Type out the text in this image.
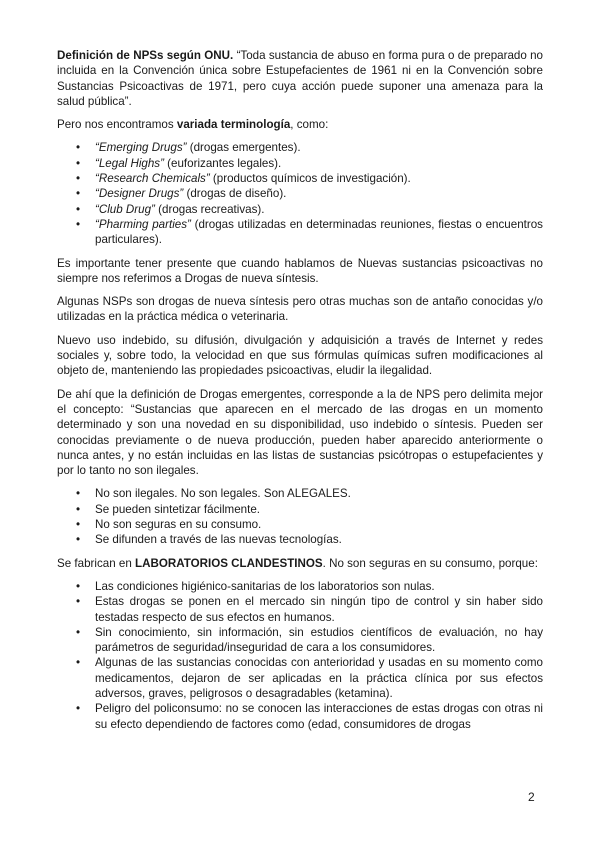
Definición de NPSs según ONU. “Toda sustancia de abuso en forma pura o de preparado no incluida en la Convención única sobre Estupefacientes de 1961 ni en la Convención sobre Sustancias Psicoactivas de 1971, pero cuya acción puede suponer una amenaza para la salud pública”.

Pero nos encontramos variada terminología, como:

• “Emerging Drugs” (drogas emergentes).
• “Legal Highs” (euforizantes legales).
• “Research Chemicals” (productos químicos de investigación).
• “Designer Drugs” (drogas de diseño).
• “Club Drug” (drogas recreativas).
• “Pharming parties” (drogas utilizadas en determinadas reuniones, fiestas o encuentros particulares).

Es importante tener presente que cuando hablamos de Nuevas sustancias psicoactivas no siempre nos referimos a Drogas de nueva síntesis.

Algunas NSPs son drogas de nueva síntesis pero otras muchas son de antaño conocidas y/o utilizadas en la práctica médica o veterinaria.

Nuevo uso indebido, su difusión, divulgación y adquisición a través de Internet y redes sociales y, sobre todo, la velocidad en que sus fórmulas químicas sufren modificaciones al objeto de, manteniendo las propiedades psicoactivas, eludir la ilegalidad.

De ahí que la definición de Drogas emergentes, corresponde a la de NPS pero delimita mejor el concepto: “Sustancias que aparecen en el mercado de las drogas en un momento determinado y son una novedad en su disponibilidad, uso indebido o síntesis. Pueden ser conocidas previamente o de nueva producción, pueden haber aparecido anteriormente o nunca antes, y no están incluidas en las listas de sustancias psicótropas o estupefacientes y por lo tanto no son ilegales.

• No son ilegales. No son legales. Son ALEGALES.
• Se pueden sintetizar fácilmente.
• No son seguras en su consumo.
• Se difunden a través de las nuevas tecnologías.

Se fabrican en LABORATORIOS CLANDESTINOS. No son seguras en su consumo, porque:

• Las condiciones higiénico-sanitarias de los laboratorios son nulas.
• Estas drogas se ponen en el mercado sin ningún tipo de control y sin haber sido testadas respecto de sus efectos en humanos.
• Sin conocimiento, sin información, sin estudios científicos de evaluación, no hay parámetros de seguridad/inseguridad de cara a los consumidores.
• Algunas de las sustancias conocidas con anterioridad y usadas en su momento como medicamentos, dejaron de ser aplicadas en la práctica clínica por sus efectos adversos, graves, peligrosos o desagradables (ketamina).
• Peligro del policonsumo: no se conocen las interacciones de estas drogas con otras ni su efecto dependiendo de factores como (edad, consumidores de drogas
2
